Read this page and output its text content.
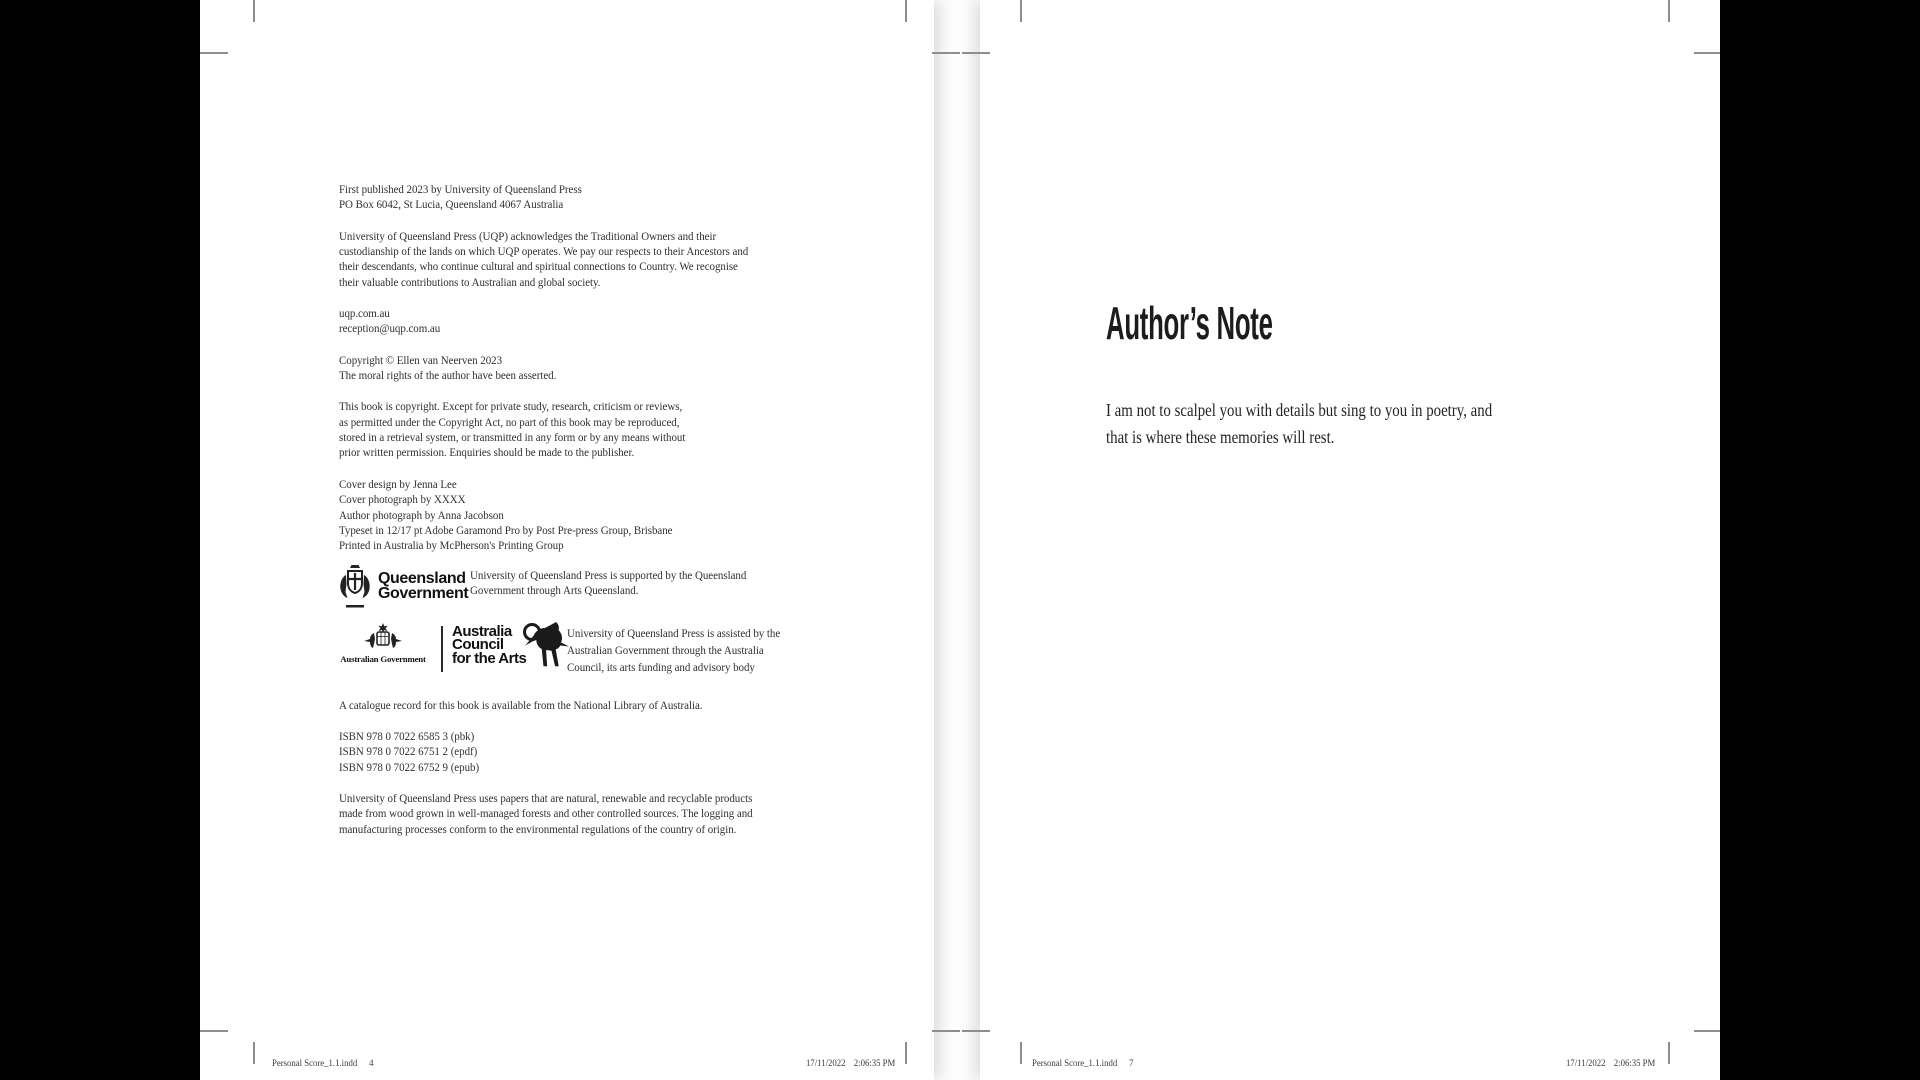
First published 2023 by University of Queensland Press
PO Box 6042, St Lucia, Queensland 4067 Australia
University of Queensland Press (UQP) acknowledges the Traditional Owners and their
custodianship of the lands on which UQP operates. We pay our respects to their Ancestors and
their descendants, who continue cultural and spiritual connections to Country. We recognise
their valuable contributions to Australian and global society.
uqp.com.au
reception@uqp.com.au
Copyright © Ellen van Neerven 2023
The moral rights of the author have been asserted.
This book is copyright. Except for private study, research, criticism or reviews,
as permitted under the Copyright Act, no part of this book may be reproduced,
stored in a retrieval system, or transmitted in any form or by any means without
prior written permission. Enquiries should be made to the publisher.
Cover design by Jenna Lee
Cover photograph by XXXX
Author photograph by Anna Jacobson
Typeset in 12/17 pt Adobe Garamond Pro by Post Pre-press Group, Brisbane
Printed in Australia by McPherson's Printing Group
Queensland
Government
University of Queensland Press is supported by the Queensland
Government through Arts Queensland.
Australian Government
Australia
Council
for the Arts
University of Queensland Press is assisted by the
Australian Government through the Australia
Council, its arts funding and advisory body
A catalogue record for this book is available from the National Library of Australia.
ISBN 978 0 7022 6585 3 (pbk)
ISBN 978 0 7022 6751 2 (epdf)
ISBN 978 0 7022 6752 9 (epub)
University of Queensland Press uses papers that are natural, renewable and recyclable products
made from wood grown in well-managed forests and other controlled sources. The logging and
manufacturing processes conform to the environmental regulations of the country of origin.
Author’s Note
I am not to scalpel you with details but sing to you in poetry, and
that is where these memories will rest.
Personal Score_1.1.indd 4	17/11/2022 2:06:35 PM	Personal Score_1.1.indd 7	17/11/2022 2:06:35 PM
